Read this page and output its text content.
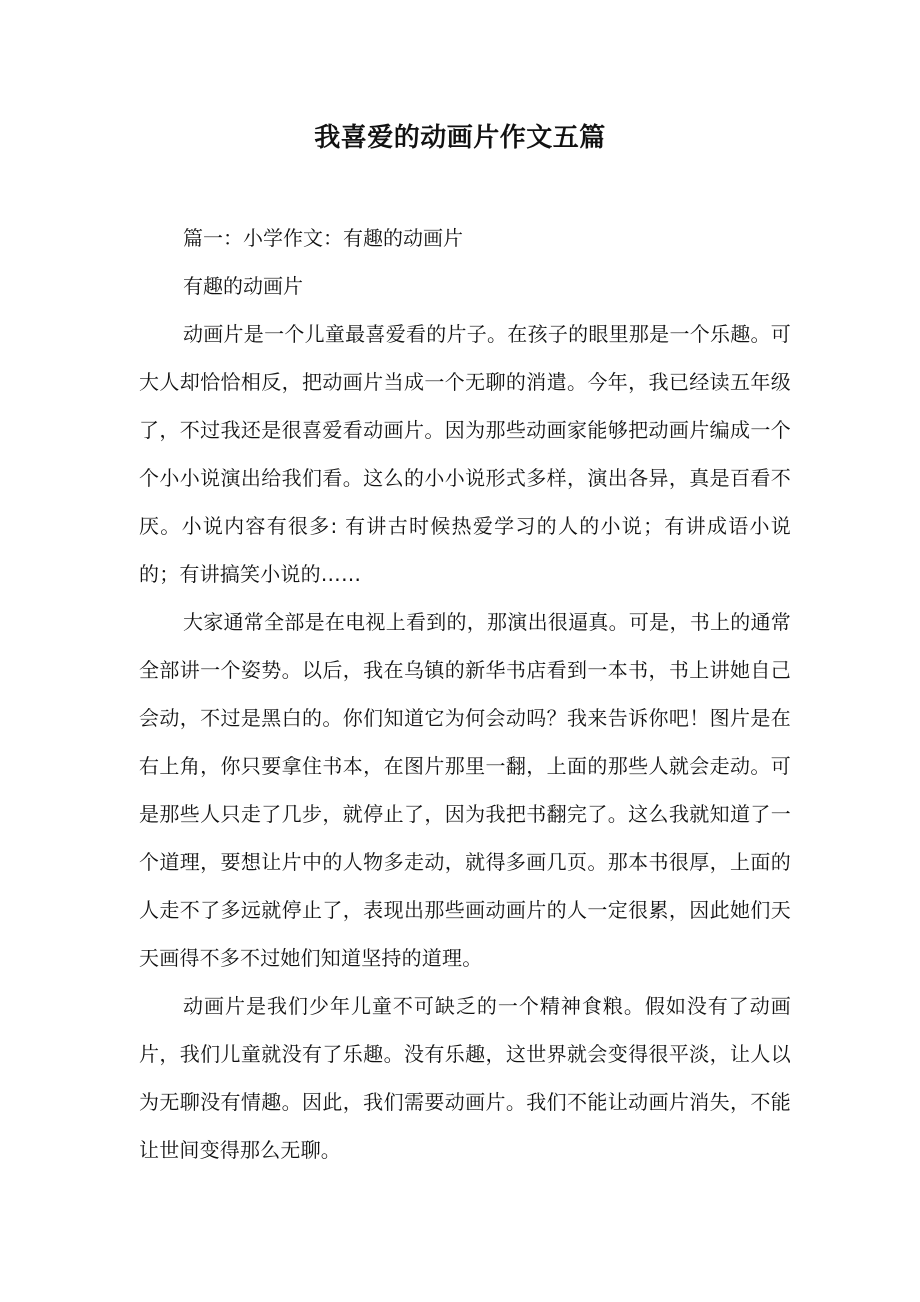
我喜爱的动画片作文五篇

篇一：小学作文：有趣的动画片

有趣的动画片

动画片是一个儿童最喜爱看的片子。在孩子的眼里那是一个乐趣。可大人却恰恰相反，把动画片当成一个无聊的消遣。今年，我已经读五年级了，不过我还是很喜爱看动画片。因为那些动画家能够把动画片编成一个个小小说演出给我们看。这么的小小说形式多样，演出各异，真是百看不厌。小说内容有很多: 有讲古时候热爱学习的人的小说；有讲成语小说的；有讲搞笑小说的……

大家通常全部是在电视上看到的，那演出很逼真。可是，书上的通常全部讲一个姿势。以后，我在乌镇的新华书店看到一本书，书上讲她自己会动，不过是黑白的。你们知道它为何会动吗？我来告诉你吧！图片是在右上角，你只要拿住书本，在图片那里一翻，上面的那些人就会走动。可是那些人只走了几步，就停止了，因为我把书翻完了。这么我就知道了一个道理，要想让片中的人物多走动，就得多画几页。那本书很厚，上面的人走不了多远就停止了，表现出那些画动画片的人一定很累，因此她们天天画得不多不过她们知道坚持的道理。

动画片是我们少年儿童不可缺乏的一个精神食粮。假如没有了动画片，我们儿童就没有了乐趣。没有乐趣，这世界就会变得很平淡，让人以为无聊没有情趣。因此，我们需要动画片。我们不能让动画片消失，不能让世间变得那么无聊。
